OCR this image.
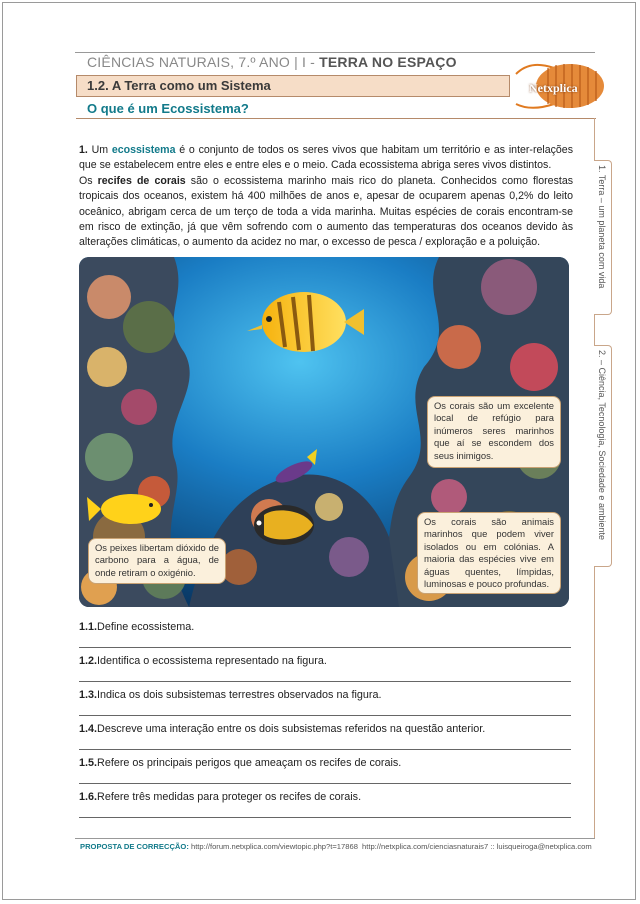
CIÊNCIAS NATURAIS, 7.º ANO | I - TERRA NO ESPAÇO
1.2. A Terra como um Sistema
O que é um Ecossistema?
Netxplica
1. Terra – um planeta com vida
2. – Ciência, Tecnologia, Sociedade e ambiente
1. Um ecossistema é o conjunto de todos os seres vivos que habitam um território e as inter-relações que se estabelecem entre eles e entre eles e o meio. Cada ecossistema abriga seres vivos distintos.
Os recifes de corais são o ecossistema marinho mais rico do planeta. Conhecidos como florestas tropicais dos oceanos, existem há 400 milhões de anos e, apesar de ocuparem apenas 0,2% do leito oceânico, abrigam cerca de um terço de toda a vida marinha. Muitas espécies de corais encontram-se em risco de extinção, já que vêm sofrendo com o aumento das temperaturas dos oceanos devido às alterações climáticas, o aumento da acidez no mar, o excesso de pesca / exploração e a poluição.
Os corais são um excelente local de refúgio para inúmeros seres marinhos que aí se escondem dos seus inimigos.
Os corais são animais marinhos que podem viver isolados ou em colónias. A maioria das espécies vive em águas quentes, límpidas, luminosas e pouco profundas.
Os peixes libertam dióxido de carbono para a água, de onde retiram o oxigénio.
1.1.Define ecossistema.
1.2.Identifica o ecossistema representado na figura.
1.3.Indica os dois subsistemas terrestres observados na figura.
1.4.Descreve uma interação entre os dois subsistemas referidos na questão anterior.
1.5.Refere os principais perigos que ameaçam os recifes de corais.
1.6.Refere três medidas para proteger os recifes de corais.
PROPOSTA DE CORRECÇÃO: http://forum.netxplica.com/viewtopic.php?t=17868 http://netxplica.com/cienciasnaturais7 :: luisqueiroga@netxplica.com
